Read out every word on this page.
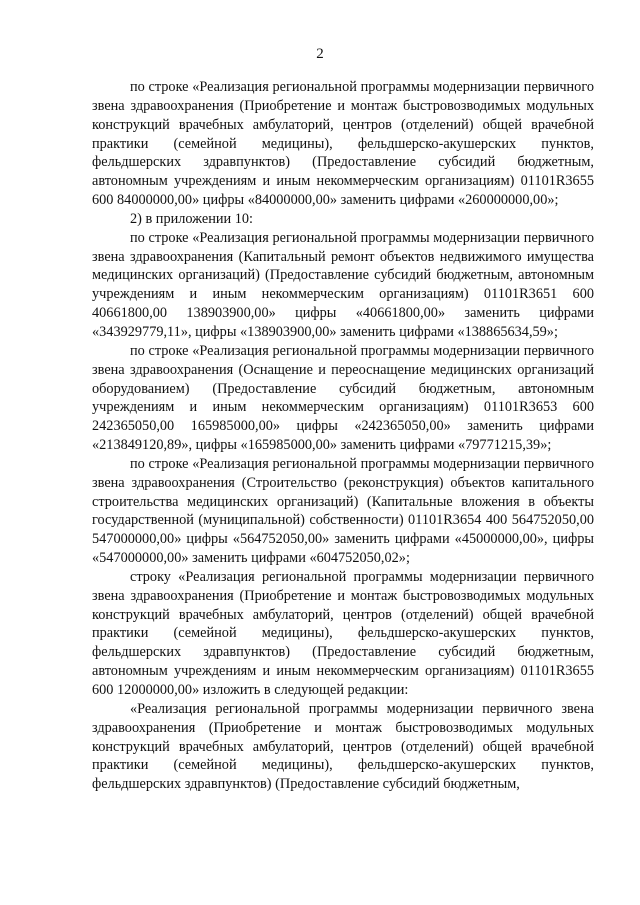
2

по строке «Реализация региональной программы модернизации первичного звена здравоохранения (Приобретение и монтаж быстровозводимых модульных конструкций врачебных амбулаторий, центров (отделений) общей врачебной практики (семейной медицины), фельдшерско-акушерских пунктов, фельдшерских здравпунктов) (Предоставление субсидий бюджетным, автономным учреждениям и иным некоммерческим организациям) 01101R3655 600 84000000,00» цифры «84000000,00» заменить цифрами «260000000,00»;

2) в приложении 10:

по строке «Реализация региональной программы модернизации первичного звена здравоохранения (Капитальный ремонт объектов недвижимого имущества медицинских организаций) (Предоставление субсидий бюджетным, автономным учреждениям и иным некоммерческим организациям) 01101R3651 600 40661800,00 138903900,00» цифры «40661800,00» заменить цифрами «343929779,11», цифры «138903900,00» заменить цифрами «138865634,59»;

по строке «Реализация региональной программы модернизации первичного звена здравоохранения (Оснащение и переоснащение медицинских организаций оборудованием) (Предоставление субсидий бюджетным, автономным учреждениям и иным некоммерческим организациям) 01101R3653 600 242365050,00 165985000,00» цифры «242365050,00» заменить цифрами «213849120,89», цифры «165985000,00» заменить цифрами «79771215,39»;

по строке «Реализация региональной программы модернизации первичного звена здравоохранения (Строительство (реконструкция) объектов капитального строительства медицинских организаций) (Капитальные вложения в объекты государственной (муниципальной) собственности) 01101R3654 400 564752050,00 547000000,00» цифры «564752050,00» заменить цифрами «45000000,00», цифры «547000000,00» заменить цифрами «604752050,02»;

строку «Реализация региональной программы модернизации первичного звена здравоохранения (Приобретение и монтаж быстровозводимых модульных конструкций врачебных амбулаторий, центров (отделений) общей врачебной практики (семейной медицины), фельдшерско-акушерских пунктов, фельдшерских здравпунктов) (Предоставление субсидий бюджетным, автономным учреждениям и иным некоммерческим организациям) 01101R3655 600 12000000,00» изложить в следующей редакции:

«Реализация региональной программы модернизации первичного звена здравоохранения (Приобретение и монтаж быстровозводимых модульных конструкций врачебных амбулаторий, центров (отделений) общей врачебной практики (семейной медицины), фельдшерско-акушерских пунктов, фельдшерских здравпунктов) (Предоставление субсидий бюджетным,
